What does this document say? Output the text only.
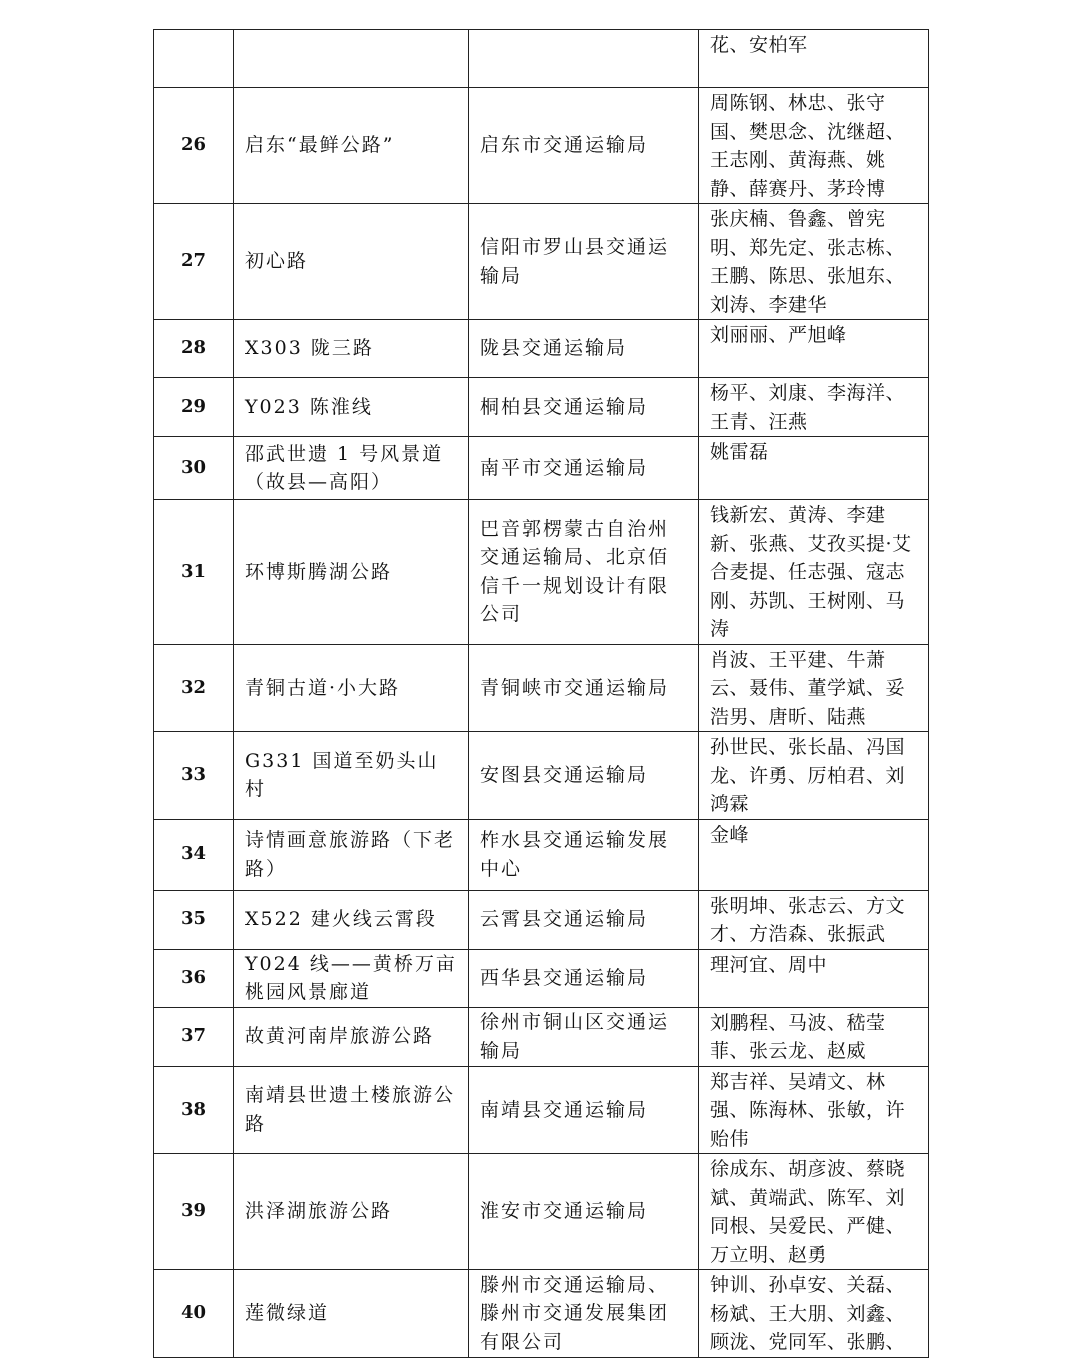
			花、安柏军

26	启东“最鲜公路”	启东市交通运输局	周陈钢、林忠、张守国、樊思念、沈继超、王志刚、黄海燕、姚静、薛赛丹、茅玲博

27	初心路	信阳市罗山县交通运输局	张庆楠、鲁鑫、曾宪明、郑先定、张志栋、王鹏、陈思、张旭东、刘涛、李建华

28	X303 陇三路	陇县交通运输局	刘丽丽、严旭峰

29	Y023 陈淮线	桐柏县交通运输局	杨平、刘康、李海洋、王青、汪燕

30	邵武世遗 1 号风景道（故县—高阳）	南平市交通运输局	姚雷磊

31	环博斯腾湖公路	巴音郭楞蒙古自治州交通运输局、北京佰信千一规划设计有限公司	钱新宏、黄涛、李建新、张燕、艾孜买提·艾合麦提、任志强、寇志刚、苏凯、王树刚、马涛

32	青铜古道·小大路	青铜峡市交通运输局	肖波、王平建、牛萧云、聂伟、董学斌、妥浩男、唐昕、陆燕

33	G331 国道至奶头山村	安图县交通运输局	孙世民、张长晶、冯国龙、许勇、厉柏君、刘鸿霖

34	诗情画意旅游路（下老路）	柞水县交通运输发展中心	金峰

35	X522 建火线云霄段	云霄县交通运输局	张明坤、张志云、方文才、方浩森、张振武

36	Y024 线——黄桥万亩桃园风景廊道	西华县交通运输局	理河宜、周中

37	故黄河南岸旅游公路	徐州市铜山区交通运输局	刘鹏程、马波、嵇莹菲、张云龙、赵威

38	南靖县世遗土楼旅游公路	南靖县交通运输局	郑吉祥、吴靖文、林强、陈海林、张敏，许贻伟

39	洪泽湖旅游公路	淮安市交通运输局	徐成东、胡彦波、蔡晓斌、黄端武、陈军、刘同根、吴爱民、严健、万立明、赵勇

40	莲微绿道	滕州市交通运输局、滕州市交通发展集团有限公司	钟训、孙卓安、关磊、杨斌、王大朋、刘鑫、顾泷、党同军、张鹏、
